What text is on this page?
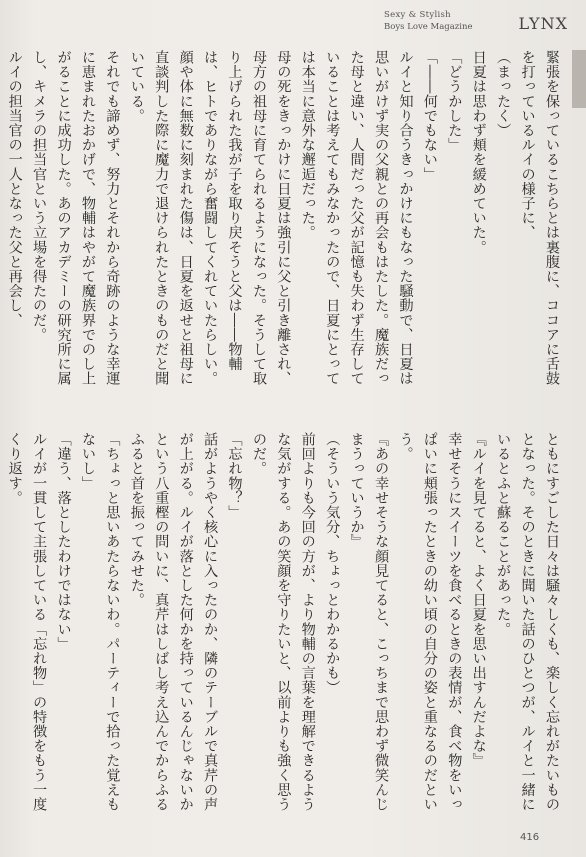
Sexy & Stylish
Boys Love Magazine	LYNX

緊張を保っているこちらとは裏腹に、ココアに舌鼓を打っているルイの様子に、

（まったく）

日夏は思わず頬を緩めていた。

「どうかした」

「――何でもない」

ルイと知り合うきっかけにもなった騒動で、日夏は思いがけず実の父親との再会もはたした。魔族だった母と違い、人間だった父が記憶も失わず生存していることは考えてもみなかったので、日夏にとっては本当に意外な邂逅だった。

母の死をきっかけに日夏は強引に父と引き離され、母方の祖母に育てられるようになった。そうして取り上げられた我が子を取り戻そうと父は――物輔は、ヒトでありながら奮闘してくれていたらしい。

顔や体に無数に刻まれた傷は、日夏を返せと祖母に直談判した際に魔力で退けられたときのものだと聞いている。

それでも諦めず、努力とそれから奇跡のような幸運に恵まれたおかげで、物輔はやがて魔族界でのし上がることに成功した。あのアカデミーの研究所に属し、キメラの担当官という立場を得たのだ。

ルイの担当官の一人となった父と再会し、

ともにすごした日々は騒々しくも、楽しく忘れがたいものとなった。そのときに聞いた話のひとつが、ルイと一緒にいるとふと蘇ることがあった。

『ルイを見てると、よく日夏を思い出すんだよな』

幸せそうにスイーツを食べるときの表情が、食べ物をいっぱいに頬張ったときの幼い頃の自分の姿と重なるのだという。

『あの幸せそうな顔見てると、こっちまで思わず微笑んじまうっていうか』

（そういう気分、ちょっとわかるかも）

前回よりも今回の方が、より物輔の言葉を理解できるような気がする。あの笑顔を守りたいと、以前よりも強く思うのだ。

「忘れ物？」

話がようやく核心に入ったのか、隣のテーブルで真芹の声が上がる。ルイが落とした何かを持っているんじゃないかという八重樫の問いに、真芹はしばし考え込んでからふるふると首を振ってみせた。

「ちょっと思いあたらないわ。パーティーで拾った覚えもないし」

「違う、落としたわけではない」

ルイが一貫して主張している「忘れ物」の特徴をもう一度くり返す。

416
